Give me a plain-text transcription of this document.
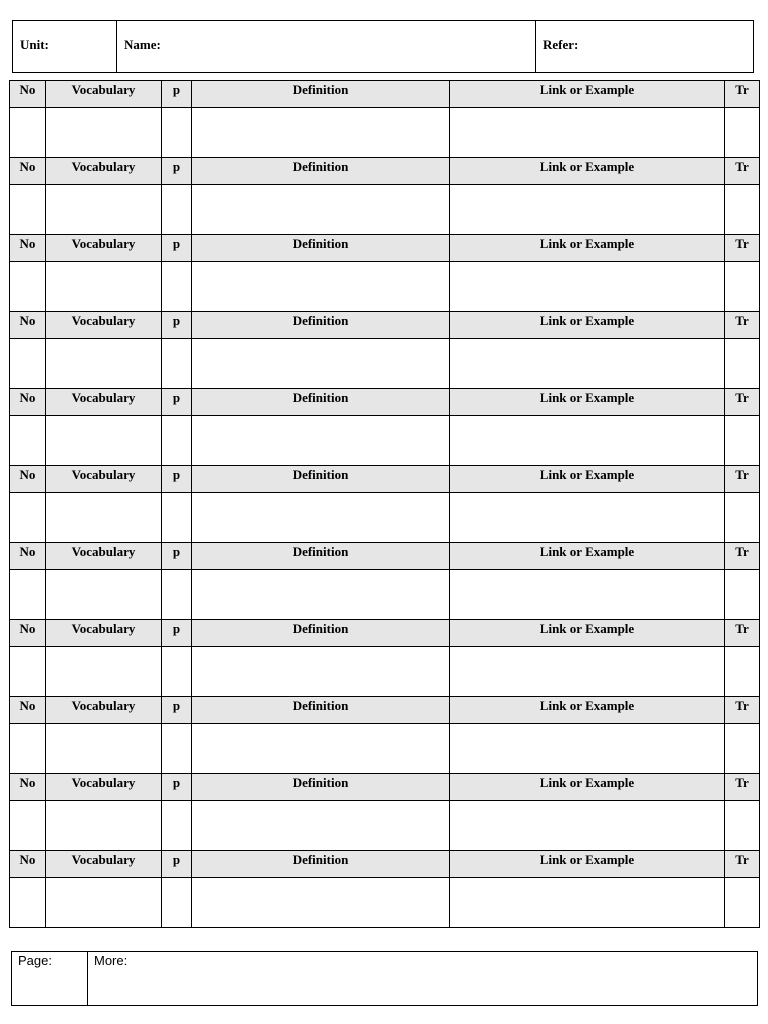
Unit:	Name:	Refer:
No	Vocabulary	p	Definition	Link or Example	Tr

No	Vocabulary	p	Definition	Link or Example	Tr

No	Vocabulary	p	Definition	Link or Example	Tr

No	Vocabulary	p	Definition	Link or Example	Tr

No	Vocabulary	p	Definition	Link or Example	Tr

No	Vocabulary	p	Definition	Link or Example	Tr

No	Vocabulary	p	Definition	Link or Example	Tr

No	Vocabulary	p	Definition	Link or Example	Tr

No	Vocabulary	p	Definition	Link or Example	Tr

No	Vocabulary	p	Definition	Link or Example	Tr

No	Vocabulary	p	Definition	Link or Example	Tr

Page:	More:
